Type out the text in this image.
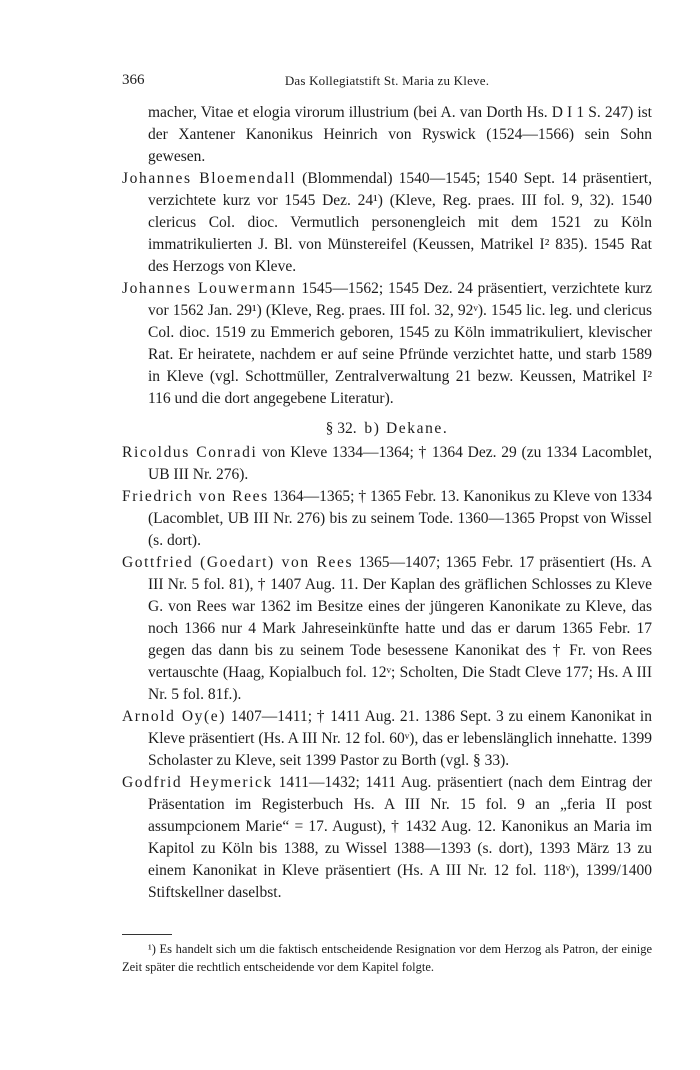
366	Das Kollegiatstift St. Maria zu Kleve.

macher, Vitae et elogia virorum illustrium (bei A. van Dorth Hs. D I 1 S. 247) ist der Xantener Kanonikus Heinrich von Ryswick (1524—1566) sein Sohn gewesen.

Johannes Bloemendall (Blommendal) 1540—1545; 1540 Sept. 14 präsentiert, verzichtete kurz vor 1545 Dez. 24¹) (Kleve, Reg. praes. III fol. 9, 32). 1540 clericus Col. dioc. Vermutlich personengleich mit dem 1521 zu Köln immatrikulierten J. Bl. von Münstereifel (Keussen, Matrikel I² 835). 1545 Rat des Herzogs von Kleve.

Johannes Louwermann 1545—1562; 1545 Dez. 24 präsentiert, verzichtete kurz vor 1562 Jan. 29¹) (Kleve, Reg. praes. III fol. 32, 92ᵛ). 1545 lic. leg. und clericus Col. dioc. 1519 zu Emmerich geboren, 1545 zu Köln immatrikuliert, klevischer Rat. Er heiratete, nachdem er auf seine Pfründe verzichtet hatte, und starb 1589 in Kleve (vgl. Schottmüller, Zentralverwaltung 21 bezw. Keussen, Matrikel I² 116 und die dort angegebene Literatur).

§ 32. b) Dekane.

Ricoldus Conradi von Kleve 1334—1364; † 1364 Dez. 29 (zu 1334 Lacomblet, UB III Nr. 276).

Friedrich von Rees 1364—1365; † 1365 Febr. 13. Kanonikus zu Kleve von 1334 (Lacomblet, UB III Nr. 276) bis zu seinem Tode. 1360—1365 Propst von Wissel (s. dort).

Gottfried (Goedart) von Rees 1365—1407; 1365 Febr. 17 präsentiert (Hs. A III Nr. 5 fol. 81), † 1407 Aug. 11. Der Kaplan des gräflichen Schlosses zu Kleve G. von Rees war 1362 im Besitze eines der jüngeren Kanonikate zu Kleve, das noch 1366 nur 4 Mark Jahreseinkünfte hatte und das er darum 1365 Febr. 17 gegen das dann bis zu seinem Tode besessene Kanonikat des † Fr. von Rees vertauschte (Haag, Kopialbuch fol. 12ᵛ; Scholten, Die Stadt Cleve 177; Hs. A III Nr. 5 fol. 81f.).

Arnold Oy(e) 1407—1411; † 1411 Aug. 21. 1386 Sept. 3 zu einem Kanonikat in Kleve präsentiert (Hs. A III Nr. 12 fol. 60ᵛ), das er lebenslänglich innehatte. 1399 Scholaster zu Kleve, seit 1399 Pastor zu Borth (vgl. § 33).

Godfrid Heymerick 1411—1432; 1411 Aug. präsentiert (nach dem Eintrag der Präsentation im Registerbuch Hs. A III Nr. 15 fol. 9 an „feria II post assumpcionem Marie“ = 17. August), † 1432 Aug. 12. Kanonikus an Maria im Kapitol zu Köln bis 1388, zu Wissel 1388—1393 (s. dort), 1393 März 13 zu einem Kanonikat in Kleve präsentiert (Hs. A III Nr. 12 fol. 118ᵛ), 1399/1400 Stiftskellner daselbst.

¹) Es handelt sich um die faktisch entscheidende Resignation vor dem Herzog als Patron, der einige Zeit später die rechtlich entscheidende vor dem Kapitel folgte.
